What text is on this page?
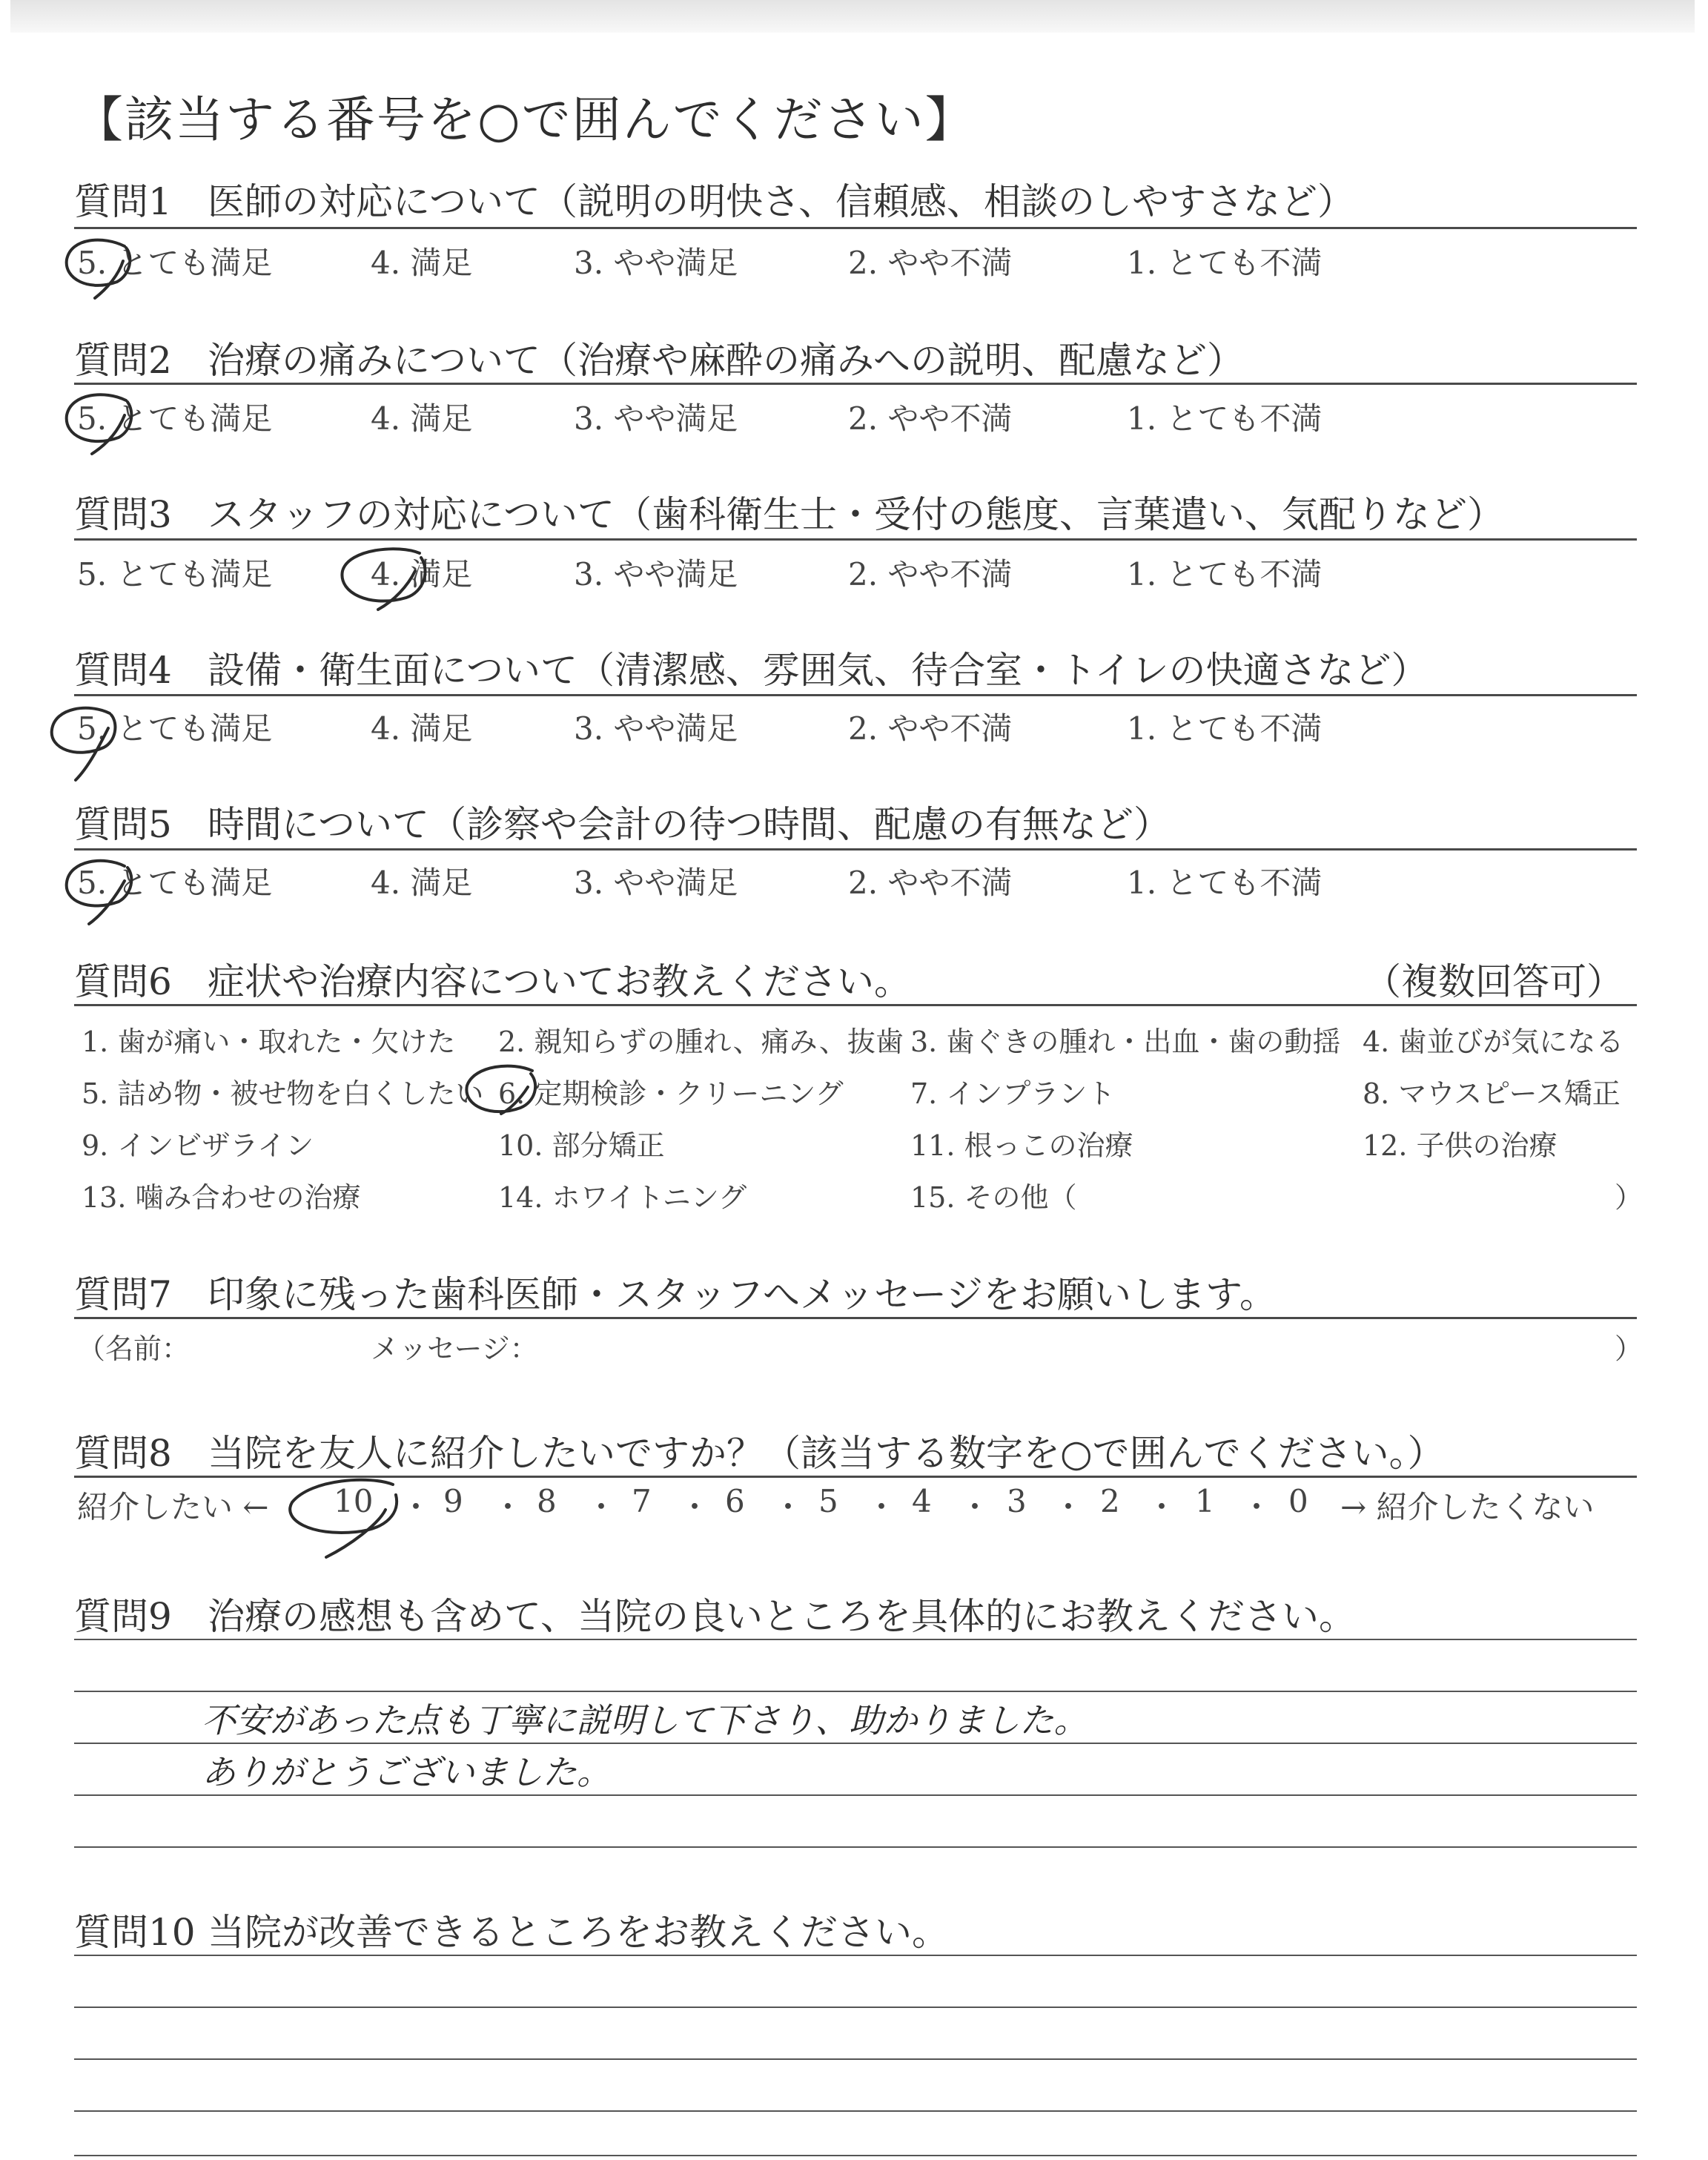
【該当する番号を○で囲んでください】
質問1 医師の対応について（説明の明快さ、信頼感、相談のしやすさなど）
5. とても満足	4. 満足	3. やや満足	2. やや不満	1. とても不満
質問2 治療の痛みについて（治療や麻酔の痛みへの説明、配慮など）
5. とても満足	4. 満足	3. やや満足	2. やや不満	1. とても不満
質問3 スタッフの対応について（歯科衛生士・受付の態度、言葉遣い、気配りなど）
5. とても満足	4. 満足	3. やや満足	2. やや不満	1. とても不満
質問4 設備・衛生面について（清潔感、雰囲気、待合室・トイレの快適さなど）
5. とても満足	4. 満足	3. やや満足	2. やや不満	1. とても不満
質問5 時間について（診察や会計の待つ時間、配慮の有無など）
5. とても満足	4. 満足	3. やや満足	2. やや不満	1. とても不満
質問6 症状や治療内容についてお教えください。	（複数回答可）
1. 歯が痛い・取れた・欠けた 2. 親知らずの腫れ、痛み、抜歯 3. 歯ぐきの腫れ・出血・歯の動揺 4. 歯並びが気になる
5. 詰め物・被せ物を白くしたい 6. 定期検診・クリーニング 7. インプラント	8. マウスピース矯正
9. インビザライン	10. 部分矯正	11. 根っこの治療	12. 子供の治療
13. 噛み合わせの治療	14. ホワイトニング	15. その他（	）
質問7 印象に残った歯科医師・スタッフへメッセージをお願いします。
（名前：	メッセージ：	）
質問8 当院を友人に紹介したいですか？（該当する数字を○で囲んでください。）
紹介したい ← 10 ・ 9 ・ 8 ・ 7 ・ 6 ・ 5 ・ 4 ・ 3 ・ 2 ・ 1 ・ 0 → 紹介したくない
質問9 治療の感想も含めて、当院の良いところを具体的にお教えください。
不安があった点も丁寧に説明して下さり、助かりました。
ありがとうございました。
質問10 当院が改善できるところをお教えください。
